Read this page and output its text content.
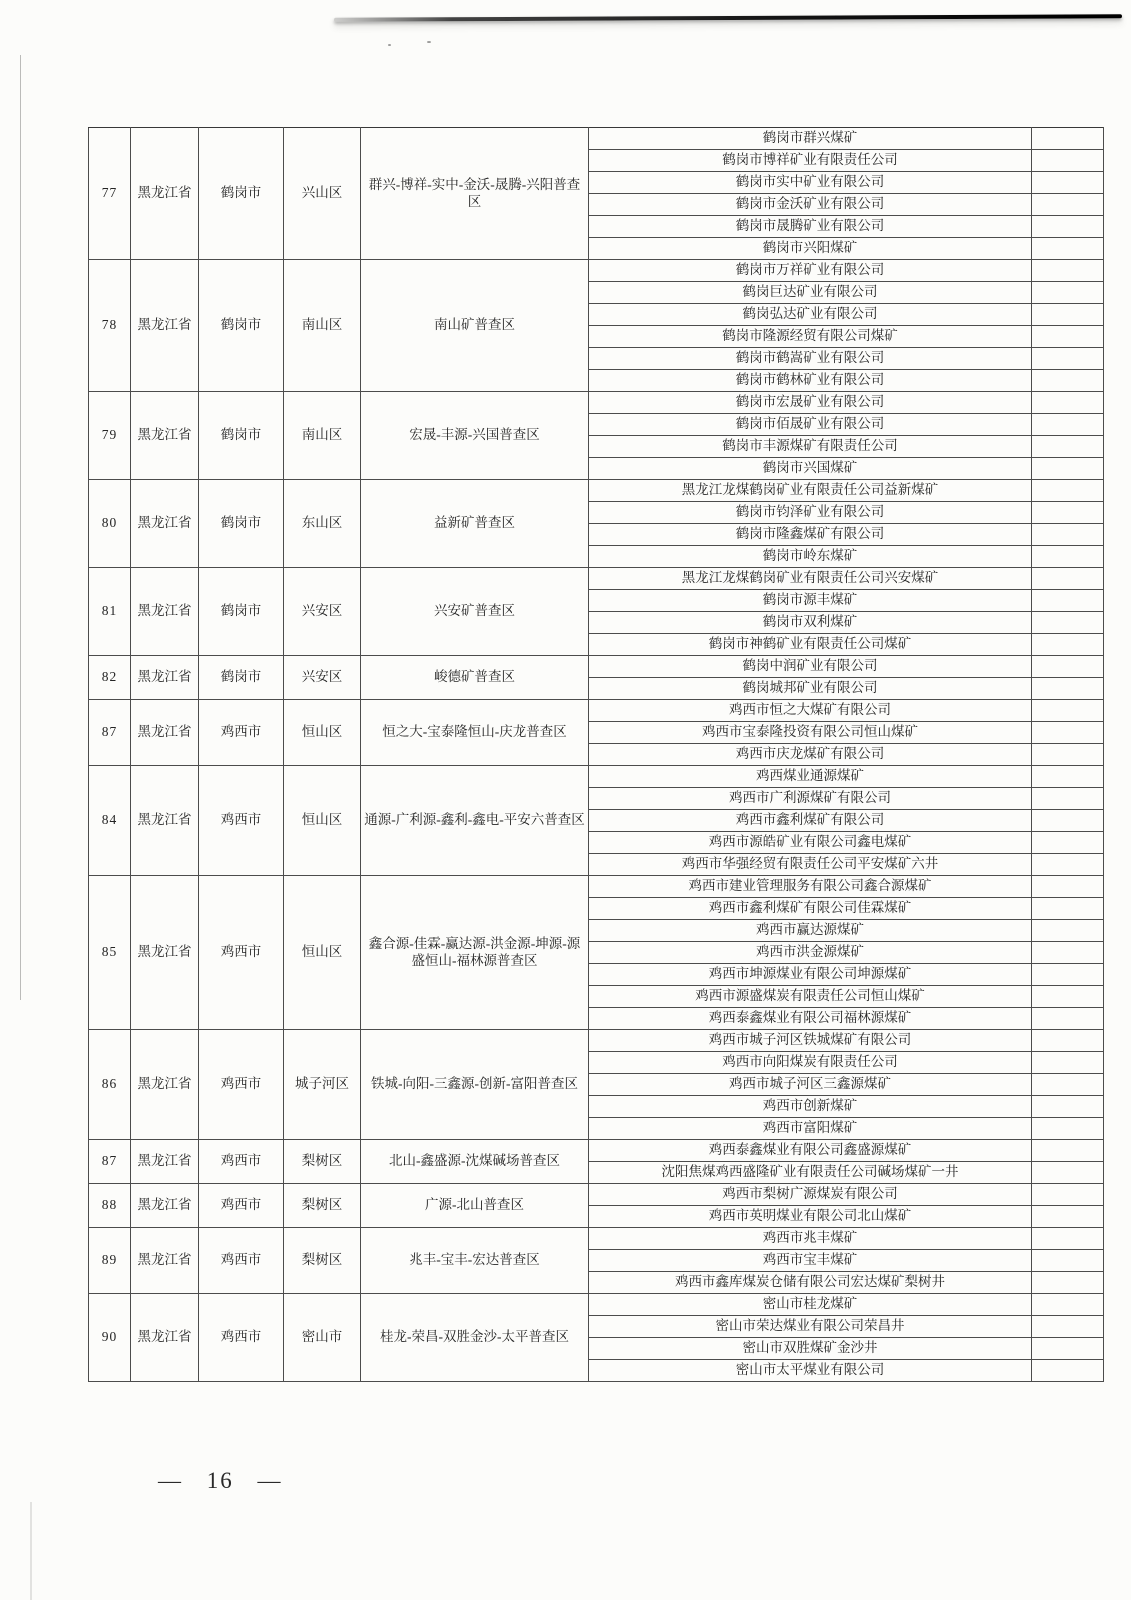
77	黑龙江省	鹤岗市	兴山区	群兴-博祥-实中-金沃-晟腾-兴阳普查区	鹤岗市群兴煤矿	
					鹤岗市博祥矿业有限责任公司	
					鹤岗市实中矿业有限公司	
					鹤岗市金沃矿业有限公司	
					鹤岗市晟腾矿业有限公司	
					鹤岗市兴阳煤矿	
78	黑龙江省	鹤岗市	南山区	南山矿普查区	鹤岗市万祥矿业有限公司	
					鹤岗巨达矿业有限公司	
					鹤岗弘达矿业有限公司	
					鹤岗市隆源经贸有限公司煤矿	
					鹤岗市鹤嵩矿业有限公司	
					鹤岗市鹤林矿业有限公司	
79	黑龙江省	鹤岗市	南山区	宏晟-丰源-兴国普查区	鹤岗市宏晟矿业有限公司	
					鹤岗市佰晟矿业有限公司	
					鹤岗市丰源煤矿有限责任公司	
					鹤岗市兴国煤矿	
80	黑龙江省	鹤岗市	东山区	益新矿普查区	黑龙江龙煤鹤岗矿业有限责任公司益新煤矿	
					鹤岗市钧泽矿业有限公司	
					鹤岗市隆鑫煤矿有限公司	
					鹤岗市岭东煤矿	
81	黑龙江省	鹤岗市	兴安区	兴安矿普查区	黑龙江龙煤鹤岗矿业有限责任公司兴安煤矿	
					鹤岗市源丰煤矿	
					鹤岗市双利煤矿	
					鹤岗市神鹤矿业有限责任公司煤矿	
82	黑龙江省	鹤岗市	兴安区	峻德矿普查区	鹤岗中润矿业有限公司	
					鹤岗城邦矿业有限公司	
87	黑龙江省	鸡西市	恒山区	恒之大-宝泰隆恒山-庆龙普查区	鸡西市恒之大煤矿有限公司	
					鸡西市宝泰隆投资有限公司恒山煤矿	
					鸡西市庆龙煤矿有限公司	
84	黑龙江省	鸡西市	恒山区	通源-广利源-鑫利-鑫电-平安六普查区	鸡西煤业通源煤矿	
					鸡西市广利源煤矿有限公司	
					鸡西市鑫利煤矿有限公司	
					鸡西市源皓矿业有限公司鑫电煤矿	
					鸡西市华强经贸有限责任公司平安煤矿六井	
85	黑龙江省	鸡西市	恒山区	鑫合源-佳霖-赢达源-洪金源-坤源-源盛恒山-福林源普查区	鸡西市建业管理服务有限公司鑫合源煤矿	
					鸡西市鑫利煤矿有限公司佳霖煤矿	
					鸡西市赢达源煤矿	
					鸡西市洪金源煤矿	
					鸡西市坤源煤业有限公司坤源煤矿	
					鸡西市源盛煤炭有限责任公司恒山煤矿	
					鸡西泰鑫煤业有限公司福林源煤矿	
86	黑龙江省	鸡西市	城子河区	铁城-向阳-三鑫源-创新-富阳普查区	鸡西市城子河区铁城煤矿有限公司	
					鸡西市向阳煤炭有限责任公司	
					鸡西市城子河区三鑫源煤矿	
					鸡西市创新煤矿	
					鸡西市富阳煤矿	
87	黑龙江省	鸡西市	梨树区	北山-鑫盛源-沈煤碱场普查区	鸡西泰鑫煤业有限公司鑫盛源煤矿	
					沈阳焦煤鸡西盛隆矿业有限责任公司碱场煤矿一井	
88	黑龙江省	鸡西市	梨树区	广源-北山普查区	鸡西市梨树广源煤炭有限公司	
					鸡西市英明煤业有限公司北山煤矿	
89	黑龙江省	鸡西市	梨树区	兆丰-宝丰-宏达普查区	鸡西市兆丰煤矿	
					鸡西市宝丰煤矿	
					鸡西市鑫库煤炭仓储有限公司宏达煤矿梨树井	
90	黑龙江省	鸡西市	密山市	桂龙-荣昌-双胜金沙-太平普查区	密山市桂龙煤矿	
					密山市荣达煤业有限公司荣昌井	
					密山市双胜煤矿金沙井	
					密山市太平煤业有限公司	
— 16 —
